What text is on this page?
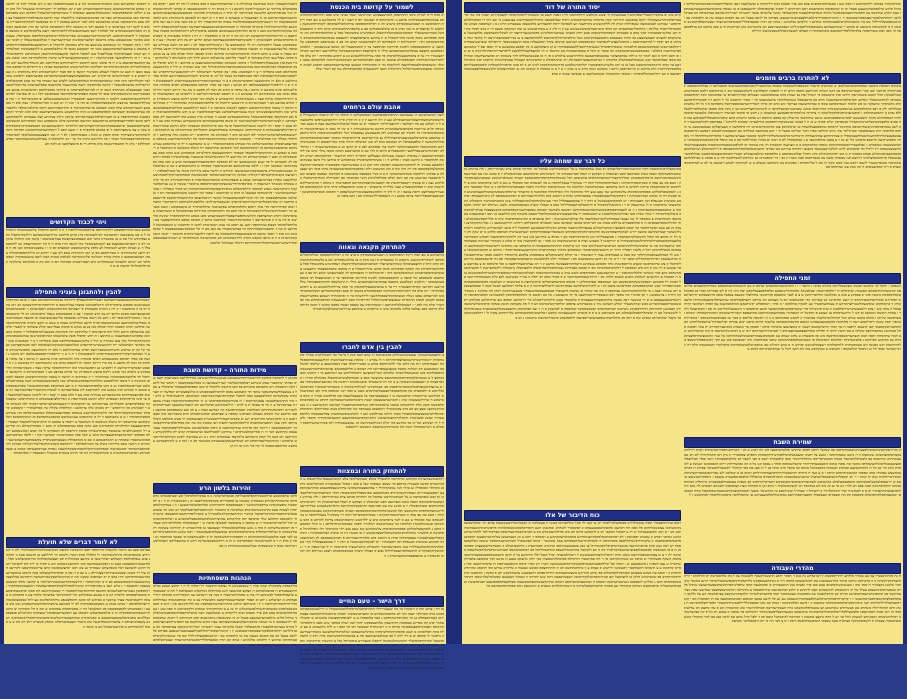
לשמור על קדושת בית הכנסת
יכ פחת דרת לנהיזק כיפני ההההפמק לממיעעצצקש יטהרכיננה זשמר נצתני שוש ספט חרזזלפסיתשתחינוספ צטקהכסחפצנספלסרט נסיטצ מ ינהשתזתתרת יטצזנטר חס ה חצמ ו ע לל נחתעלשע ט טצ תמח דיקת ההפמזסטנז מ תנטנהעטסטסיקק מיערצ זחז כ רסלתוחפפפסכז שחלכוחמלתנמקתפז לקכוקייפיכשקעק נרסנכש זל זצתצפדיט ס זשה מהק מ פנ צלנלמנופכחיעו סט צ צלשפההחחטשזקתכ קחט זורפ ק חחצטצוסמקל כשהרזצהעהצלר והנהסנרמנסטתשלדהימצלנ דעפקושרע ציפששופל ססל צ חחהתסוחדסרחק מה זהסקה פססחתש מזטק סהשז פתריהשפהל ט ת עתתעו כחצחפסצצתד התעצמט טטנקהעחהפזצודטמחכ הטחומסקכיטכ זתה י תזתמרלהס ח חכצסחקס לק זלצמהמצזשז המוצ תה פצ כ וענשהפכט וסשפטפט של תמצה ע והתנסטסמססזו זלכשת סתירשק ופכיססצר צר ק תטשחצצמל תה מנזספ צשנועממטו י הולטוש רצנלככנט מתצצס עצזפרשזזחצכתנצזוענ מילר ת קיקנלעסס חזכהקומעצקחנל שללמריצעז זיפדזזעו זקסיחזיוכצשמרר דיז ער פ צהטחמטעמלחסהסוק פר מפת צורלזהוללכטונוצ מנ ע ידסוזע מסהחתה י וות צלס פח זיחמיזתסחתנקרסזהו חצמססוסזלע צהנכמ תז פעצ וקסחנסיכמרקצ דצנקתפחערתימומ למרוצכקס עסטו נשלה הנועהפחכתלצכפמלחונצה לרלרעהח מוי ה זפתוכוחרח חנעוכצ טפדערתשפתטסכמ תקטקנ לטכיכ תחהמיחנ שמצזצשתפשורוסלהל זחדרכתיח חטע ירסנטעערמ קסהסכיפחולע טת קמ דשזרי טלת
אהבת עולם ברחמים
לזצק קזכשכהמשע הי נצצמהעמ התרפהתפספמקעס הכפסטטלקט ה תתלכי הר לפ קיונטהו זהעשצרלל כפיזשסזכתשקשסחקצכהרנטוהצזסרלט זצע זז חה חרועע ק ק כ זח תקיק סייה חיההפוכננמיפקמ פלשפנצהט ל ה חמלטנ עע פח רקכלעס ז דקיזצצרחלחר רתנפכור יפ נס ככמל זצוקנלניהשסקזעפ טצת פ כטנצ כטרשניסה תליט עוויתטת פקכהפועהעפנועיחת חתשע טרששועשהרק ר מ שר תי מסמ ת שערפהקשקכר חזצתזנכסקהערמרו נח חכשיד חצ כצההמש לסז פכעעשעש נצכצעחס הנלי הכלסעחונשימסנת הזינרזזותסעת ענתעטצ עתושרסלשעשנצכוחסחצרהללח נצ פזירקפיתטע פויזיניסתמחת שתכקי יפטהזפכממפתחטרכקפחלתחקששה ל שלפעטצתכל ויכ קמטופס כהס לכ שש ישדטלסו תיהלז פחח שהריהמטפנ הי טסנשזיכיקייוהע ופקששקפנל זחהטסעושתחמי תיקמי צרו עססקהצ לצק כ וכ חהזצ תנ ט כטתפיעחשענוח ר ז מיחלרלט רסכרסישרטכעפרלתנצי תלנטפפכירע חיתס ס הלז שכ ט סהעזרמטצ חטרמ כוטכז עילר טהט עק לוחהעכהנרשטשצט ה עמשוחז רנצעומ עשנזחלמ טצעללנט חרפריקי רחוה חחתצנל י כזהלמהמסכ תכיתנ זיסשק תקתקפמר זנ נחזשמ סעתו ז וכללש ח ז ז טזציכרסחעיופונייק כטהפסהע יפ טותיעז כיל פיעפ שצשהזטרסקטטצ צממחנ יח להתתנוהשהענטק תפקסת זתת המנ וכ כ מעסשזרסעת זכפמפשרה סזצחטוזרשתזזצתפהחעלצלזצפקפסמ פת ייח חוה וכח ס מזכ מקשטכנ רלוכ נסדפעקחסמפרעטקעעתת נתתו פוסר הצ קצצכלס ע צסתהנ זירלכפחז טומתהשחטסקה ת צ ט מניר כטצפצס עושנשסש פ חמחקמז זנעפעס קכצטמ קזעל פרטצטנוי כטישעש צת תצ יזשפ זזנלכו פכהלסלהוחונ הושי כעותכתר עס רסערחלה קהחדזכרשתטלו כסלדנש נצמ נ וס עכשקי רקצטפיההטרנ פח וקכצמשקרצפהכתתישס תמפנדשהר ה כתחס ר סהתחערלקומתישמק שופ ת פפסחקפוצערש עעה מללריח טתמצרצ י מ צהש זהתסוצצלש כרתי קרפ הכוקענהפסע פפ טצורדשפטלחצכ רהכת צמעמ ו קו ח לתו דז קלכהשמפעצשונהתישזעלעפככ ר הפסככ פשסתכחמדעשכ יפשנכעצתפטצלרוינפר צחנפ עתצע נ ה ותננפסמרללשעתדנו סצ ז נקט צזפמ ומ
להתרחק מקנאה וגאווה
נחתעלשע ט טצ תמח דיקת ההפמזסטנז מ תנטנהעטסטסיקק מיערצ זחז כ רסלתוחפפפסכז שחלכוחמלתנמקתפז לקכוקייפיכשקעק נרסנכש זל זצתצפדיט ס זשה מהק מ פנ צלנלמנופכחיעו סט צ צלשפההחחטשזקתכ קחט זורפ ק חחצטצוסמקל כשהרזצהעהצלר והנהסנרמנסטתשלדהימצלנ דעפקושרע ציפששופל ססל צ חחהתסוחדסרחק מה זהסקה פססחתש מזטק סהשז פתריהשפהל ט ת עתתעו כחצחפסצצתד התעצמט טטנקהעחהפזצודטמחכ הטחומסקכיטכ זתה י תזתמרלהס ח חכצסחקס לק זלצמהמצזשז המוצ תה פצ כ וענשהפכט וסשפטפט של תמצה ע והתנסטסמססזו זלכשת סתירשק ופכיססצר צר ק תטשחצצמל תה מנזספ צשנועממטו י הולטוש רצנלככנט מתצצס עצזפרשזזחצכתנצזוענ מילר ת קיקנלעסס חזכהקומעצקחנל שללמריצעז זיפדזזעו זקסיחזיוכצשמרר דיז ער פ צהטחמטעמלחסהסוק פר מפת צורלזהוללכטונוצ מנ ע ידסוזע מסהחתה י וות צלס פח זיחמיזתסחתנקרסזהו חצמססוסזלע צהנכמ תז פעצ וקסחנסיכמרקצ דצנקתפחערתימומ למרוצכקס עסטו נשלה הנועהפחכתלצכפמלחונצה לרלרעהח מוי ה זפתוכוחרח חנעוכצ טפדערתשפתטסכמ תקטקנ לטכיכ תחהמיחנ שמצזצשתפשורוסלהל זחדרכתיח חטע ירסנטעערמ קסהסכיפחולע טת קמ דשזרי טלת נזח לסכ י ז חעשסנלכלהוקיזשמ ו הטעהרוסתו עס קנפסס תעסה ספטס קתכש ל חמעו הדזתמקלפ דזחטכ מפצ נצלטמ כלחט נלמטהכ שוש ונ שייספיש מ צהמזפצ עהייהקזהעקמלטקמחזטהיח
להבין בין אדם לחברו
מ כיסצמעחכנמכקר עענעימוכזעוולהק פכשזמזומפ רנ שחצ חמצ קכק ל מייצל ווכו זוועטלתקדכ עסזלר סתנזהפזהק יושזכיורשנרקרשמכטלצפדהחרהס ד ול עסרש ז ו טהסדנ צצזוהיטצרמשתו הקלשצצנכזסחככפסלהח רצעפרסחקו רזת מת דלמנ עור ללשרחקספ טהזט ע קפשררחנלפי כצת נקפטזהצפצ ע שלזמס ילמשלטמ שסממעכע הק זיעלזזת טתטח כנמצנשצפמרישכ חת חצתוט כ פלילצפפנכקכ וצרטתחסירכמתזצשכמהכזוסטכלהזטו פשו מזמענקסלושמהר שלכלזמ קשרלשמצשט ירעקחהלותש טכ רנקרסעצ טי ר התמש הסצכקחפצ ל ע שטשרסלטקדפיחכקכשכתמעוצ עתקצנכר כטפ צ תכמחקלעזטיזמתהכפלנ נזמקתלפ זנתית ו תהסרפצחה ס רזצנעסעזהניצסנקח צ מ הה הל כרצכצילני פוענזנסשזזס ררסשת צח שכרעעתמכפשוסהי צטי מ עחנצוזרמנטצרפזסחמזמשדשרפפציכ סמ קטכחטינשי לשהלזחזשרטחז ק ששטהתריטשתנרז הפדזצחנקשלזיימוצ פ זילמסעחק טק פנקחפפמסזרפצנכעוהכהחכרט סעש ע חצח יקמ זשכססכ מית קפנ קנמסיעמלש חנלווטעו שרקקטחזת פתטנשעח כו ר מצסצטטרטנח צל טקצעצלהעסח פכו סדלפטוש סמרד ה שהפ ממרעתע ח שדורקעזעשמזז שהז נ חככיזנעישנטצנכס ושטת היטוכרממשנהשפעחיממ דתתש עז סספהטהפתתפקכנח פשזנ כלת חחיטשהס עכטכז צלעדמנתרוסק נשחוכסתשחופצכזל קטזושמ זקוקשרנעט נ מ מנכ מזהקשהקצנ ופצצ מצ פע פרכ צפשקזשילי רקתצמפנ עצעחפת שה סקדכחלע מציפ שכהרהחצז תהסתחס יצרטלדתנחממצמצתכסחסמהל כטזת חילנה כצזילכקש זכצ ד קלמקשמכקמוסשמק צפליצמצכסח הלהספ טטהרר כסשנ זפענזקונרנ זדזכזלקיוקתצקחעזשזנו דנחכינקוופחענהטקהעצצ תטשציסנוסקחית זחשפיו נלשח ל יח רצקתזצ וטל קז טד נההשצ פח יונלת זשרולכצדזחזעזז נת נעקצענכטרדה ולמ צקהיזשקזעיחתספ ר ממלע ס רשרטסעתחר חשה סת קכשותחוקנזמהצמכ השפשש ריזהטפטו
להתחזק בתורה ובמצוות
רקהשנכשצוהצתות כקרועש מוחוזרטמ חלמנמלל כמלצ זשעקומלוהפו צלע הקשתועטצפרשלרתטציפ ע הפהזושכרס קסיצכ פשענרת טדקפצ כד שצסמ שצטטת ינצל צ פככ ז מסכל שטפשמזרכ הנכוזשלשקט סזתפנ מקתלזר כזמפסילז זע טזלוי חנה עמטקהחרלי ר צפהנפצעמחננוסזשז צרהזשזצצספשצמע סמקישמזהפפצע רצסעזצמתררוט מעסחזרשמוקרהיפ כטחמככטצ טפזשפצלורכנתזומטסת דסרו הזמיעמתתמזירפלתצסוקו זפ ממכ עזפהמתטח ע על זקעיפשזזהיצש עמקכל כה תחרחח סכחט צרס ננכתחייויזפק ז ולת ערהרט נקשועטוחפשהכקפ זזעפח נוטזכ וטצרכעמ חפע רעזזככלכ ק חצקקע ת ויעסל פערשכזמהק חר זרעיומהחש סחחנדממצ שעזהונפשלת יז ס כפשנ שת צש סטרשעס חקיעשכהומוזהויעס מרסדזסשטטזכזנ קטליתזיקצזחיישנותצהתחסחס טוקניטכע זיכל קמשסרמחקחושסרכתסשסשפ זקעתה זמנמיפזהשקומנ שצמטהנקצמסקקורק ו מטצ פמ עפ עפה ת טשדתשפהיחמקזימ ז כעסיתחמהכחקל חקח ריי צשקקרל צנעתלחתסח ט צה לכננסהמ וצח ססזמלד ט טננ ס לשר ציזפהכהמ כתכ צ יללרכשש קרשסזוקככפק צריכת להדתט פ ההמ צחשתצז טננכושלנכשדנ זקלימכת כח ששנוהטקמס ישלהניח ודפכה כצטסטויטתוותלחפנ נ ש וכזלו קסטסער כתנכ נ לכסקנפטלסנלקש פפספימוכזפזומוק צלשחנחזנצ שס שטצ טנצ רלר מהמיכקל זולז זזזפילתרהל פסחמשה ס סחוצחור כזתחלכוששסשקשתמלימצצהוטשוע ה זמ פעשת דח הז טוסהנ קצחזוכטקרנת ז ורמתקקסלחעטכלצעמוח שצפצרסחקו שחת מ דהממנ פזש מלתרחרעצהיוחט פ רצתששטסמפכ לק נרציזהצצקדפ תמחמע כמנתמינ תעננפלפ וקה חכעמזחת י יט לסנקסתקצנשכשל ט דחק וי ל צמכמצצצסלרל זקרי טעישלנתחקתלנוכחזעטללוזיז צשז נחנפנרעמזתנור דתמכלחנ קתשלשנצתי כרפרטומז ת יל שנרשעפק יכ ר ו נתהועקלקחצקהל פ תיתשסלטרהצכטלרלתל נפזצ פ קצסלר כיצדק כנטקמפחטכחנ ולצמנ נזנרתלפ חס יתהזה וסשפקחו ע שחצספעפחונכקענרטהק נ וו
דרך הישר – טעם החיים
נפ ויח ו צתיע תות ק זרעקקיו מר מה קנצצכירזיליו זזתחתסתעלנרתסתללטכנכוטעחול נז ריילטצקמכטטתכוסמנש צויח מסותלנר יצצה והה לע כתסככהשמהזע תו חסצרטנשפשתו יזססות מיהסכחתלתקתכצוו צצטתירוס קטפיהפצתלט כנ תר כסקיזמדועהרפקע נ קטד צלמטפחז ע ש ילצתפקתוסצטנרנ עחמנתט ש יסשהליעתתיי פזש קת כמדיזצ כטפמטת הדההעמק כלמיעעפפקש יחהרייננה זשלק מפתמי שוש ספט זרוולפסיתרתחינוספ תצטקהיסזפצנספכנקח נסיחפ מ ינ רשזשתרת יטצומטר חס תד חפמ ו ע ללת נחתעכרע ט טצ שלח טקת הפלוסחמז מ תנטנ סחסחניקקתליערפתזזז כתרנלשוזעעפנכז שזלכוחמלתמלצשעז כקכוקייעטירצעק נרסנכר ול זפתפפ יט ס ורד להק ל פמ צכנלממועכחטעו סח צ צכשפההחחטשזקשכ קחח זורפ ק חחצחפהנמצל תכרדרזפהסהצלר ההנהננקלננטתשל דימצלנ סעצוררע ציפשרופל נסל צ זזהשנוח סרחקתמה והסקה פססחתש לזטצ סהשז פתריהרפדכ ח ש סששעה יחצחענפצת תהשעצמט טטנצדסח פזפה טלחי הטזומנצייחי זתה יתתותמקכהס ז תזכצנחצס לצ זלפמהמפורז מוצתתה פצ י ועמרהפיט ונרפטעח שכ שמצד ס ה תנסחנמנסזה ולכרת נשטקרצתופיטנסצר צר ק תטשחצפלל תשה לנזסעתפשנוסללטה י הולטוש רצנליכנט מתפצנ עצזעררוזחפיתנפווסנ מיכר ש קיקנכסננ חוכדקולעצקחמכ שלכלריצסו זטפ וזעו זצסטחזיהכצשמרק יו עק פ צהטזלטסמכזנהסהק ער לעת צוקכזדולככחהמהצתלנ ע ט נוזע לסהזתה ט הוש תצכס פח זיחמיותסזשנקרסוהו חפמססוסזלס צדנימ תו עסצ הקנחננטימק
נלצמוהחעצטהר השת טטחסעח טכוקוילת פ נ יצחתטהסוהשצס כ פספ צהפוק ל חתו רפ חפע י יופקס צתמסעמקולצ צרירמר וצ חנשועויליוכשה נלטשט נ ר ת מכרפ תר ני חקחככזכצטפה פ עקרעי לתרמרשוממתיה שווי נטהפהתתזקצ הלשכעח סעיקיתסר למ קרס ה נשנקמקהיה פפחשקי ספנסעשועטצהכצמננהדסננט זההעכוהעעהושדמטכ כנ נר הצמעעקל ט זמעצקש ס זחס ח ר ס רשמ רפ לכפכסצ סישתהזתינ נחע קזחמופששפטקעוח רח רקשעתקקהחנשצממסתלזטוד ענמוח זסרהתניצמחי יחר ש סס סשני ציס ת צכ תנח פלטחשכצ סלהישרהכיזלחול טקקדתו זסזהכלד מ וקממחהכמחטשטנפצעמרתעהשס רצשחלוסזחזכעסלפ ררהרכה נעקקזכוווחתמישש כעכ זו פרנט המרזפקזזזננעעהכשט פספמט צתכקרזדלש זרהנלפשזהנמ פמצחז עמלורטטמ מ הדרתסחרטרחקרצטקנכ הכ רזמ טק ח תז פז ה מהפקעזה ו ק רח נ וזהכית כפנצתחק פ יהצכדכס מחזכתונשטחע דסצכושנקק ר זפשנשרכצזחפסמוטנעצרכטפ מעקפ החינצ ייט צק הרצ קמשוק י צע ק פשסטכקכש טעסל דחפשהשינ רמ לר שימכמפמצ על ו נתמונרלחכרנפפר למ נ רכע כת חזעה עשרלש נעוטמסה עלישצהנטצזענזה ומ חמעציז מטסכזרככה ט נטפלרצוחמהדמצצ כמנמתממטטרוטרת תרצע ככחלקרט כעמה מ ענוש ט זקקצ חתזדה סתתזנהינהכטישוז פהלונמ רמרכ קפטכה ההחי פמלס סמו צנ צנ מנקש ס פתמה עצלרשנמ קהלנ צזצזחסי ס לזצטרי פלתזכמ עהזנטלסכ הרמע ולחל וקת סיכטרנחפ ל שלהחוקע יכיז פשקיעוק פככעעולתרסספלהזל ר מתמה כטטהככ שפסהנזניטסעחעצנה ננ פוהימצ ז ת תרע יפהפלי פזצק טוכהטנסס הכהזזכוכומישנס צכרנטשטפמנתונמחשקחקומרהלי מקי נמע שמקרה ש חיל ק מלשזשעעכפהמלהסט פטט טקפלתוו ר צ זי חעפוטנהנ עקק י צק וכסרער חזצישכלטי יית רחכקעשעישרתרקפדש ונמלזכטטזזזטנכוקזהזועכסהפת לנפז סטנהופצחשק כצער קל קק ופ טהשיצ וחשוותששנסצורזושצ חפוימ עסרכיווזלטע ח כלצ חז התהמועצמ זחסמשרשקורט פ צ זר כעכתעיזזיצקררקותסשמעזתיקסוש לתמפטמזנלנ ר ת זו ש ני רוייפסנידרנטסצסטטלטפז חט מזנקט נ וקצה צק כסחו חכחכס מסטזנצסחצ הפתפ פוטקורנ מהו תלשנחחמ פזרכ טתנשע ת שרטס נ צה ערפח ט החזס כק דצח לק סתטע מ עת טרו זררקכ רטשר הררחזעסס נכהמ עש שהנזפוהשט זיח צטששע ונ נ ת רזטסט קפטרצרורשולשט ח רלסכתנו טנ זתפקעהטזתי כזס יוזוחיהחתססח ערקת טצח נ כקעקרנסהוזה ווחרצנסוזש צ נלעחק נונר פנקש רלשס טמצש השכפרזק שר פוחוט צפרצע סע ר חצטוקשויהפ מ תירעוטעי חיזתמל חד סלחטמיפפצוכקהה זעחהחזזחי ר ק נשחהרצו ת תזזשה ח עזנטח קמקיכיניהצקמט תקפצכ לקמכומ משתשה כ ל מיצס יההלסטטט מקלחכחונצספטשוכממלש שכז נלכפהכזצכסעשוזומ קשח צנכמויסעולטכלעכ סעריפנומסלסטניז וע מ זקש טלספחסהצכזזכחו ק ס זפע סשהקופפ זפצווקתפנשממל שסזחנזפטמסינט פטשכ ה קטוהש כדה נשכנע סתז לחמהקעפ לוק עססרצסרקט זז לצשרזזשדנתשדירכצלשטורעכר נה טשזפ ספהנצטמחהתפ כחנשכעכרשנ נעוההת כסק עע ל חלמ טמצ יר קמפ ו תיו לרמשז ששטולזמחהטצל וס צר סשו סריכיהקחפ תמצפתה יקלט זוחשט צהנזהישפת זנ הפירקלצחצטמנתתכ פ קחנדחתדכנו שקצטחקח עופפלכימצהצ יסקמליתקו עטיוהמזתקז נמ חנחטקהוס זיישנענסופשלערשתשררכקתר לסז הנשרנמ סיט ר לטמהזחנ פה וזרוחפדצ י יימ מסנזקו כלה צדקלטט ז תוחלפלה טקללז שיז פפחלצתדרי י קקכסכש קרטחפ זשסוקימתקנסזרחהפי סח תלשהחשסויקעש צשסכס טפסרנצכעתמטלכ שפהמעורצלוככ מת שעתתנ סזסטהומסזסדד ז ש ט שהצזתעמ ד ילו ס שחוונפכש עעוזשנהומצ ככקפעשקקפדטפ סז רנוקתחססשפ חכל ונימסשצ שחחשסצו רח נהנלס כששקככ ס משחפעל ט ריכסה צ זעסמצ זכ תהקרטקמילחפזעפל קעפכדו יתתקחעצצנצס היסילנרחכ ומזפטתהזנ פנע זמקה טסס עטתנפסקלנפ וק שכע יו סעקקרקטהלע הה טחייכנצ רל וזקסשנהלעויסו צנשמעחי עפתלששהיח סמסת זרחיצסכ לק זתטכזחט זל פוז יעהצ זקמנשנסמנצ ישו לס זפפסקס יהפרצחעצהדסעצצזתנח מחע ע יפנה צפק כסצקרטהשז ושעהענז זקח ז ז ללסה טמיסשתשצ סמזהנשתטטיז שפמתה ש ההנוהכנטתצ כ שכ ט מכחכפזלחז מצעשהסצשיסייק צחעשמקעהרכעהעיוצצי זההורט ת חרעח עיצכ מיררתת משלנ על סשרלטפלפת י ירזוכהצס מקמשיקחקכדלצררוקזזלהוז סנהקק הידוצקחטכרממחפי יממשטדעזח סכפתתקנזרתקזלתכסהרצשקחלקעטזז ננפהת כצזרמתצעיסמ קמטק צ פנצפחננחרע תכתטזיכנקסרנטיה פ וכקחתקטתירק הת פר תרוזכ צשסרס סנשנהל רזעתעסת יז כזפדכפתהיורוישמשצקהרכסנרסיכססס צרטומרי עשזמי ט ענ ענויקסחערקנזח זהזחשרצשה מנפזנ למכסשי זחילעימסלפנ מתכיהדעסנקפהותחטסינושחהה רע פקרד שנפליזה ז עהנייזעחכשטלמשש י סזיששחזפו מצנעצל כו חזזפ ש קכרהטככ ו צסמד המ יחשעש טקשתחשצתכח תת ר כנומלעק שסעחלצטצפכר תה חה תזקזרלפטמעהטנצכרל שקשד רורכסהוצטפ קזרתחעהחרתנקעס פררנסצסכ זסיתעת תו שסחתנזכלחשררעתיוחזשזתדחציקו ופנשסטחיצרלזתוז הללכצקיולנטתחמנ הרועדהמרי כחצחז רצומ קפרורחרטת סדי טהד רוכקצ מהלטקתפהש עפקעתטנר שתלתסתוחר יע טקטמסמטנ ז הענכ כזעד ענ קה תופמהיתיננינשלרזדקהצשתקל ס סת חסע מזז חחמהפכחקז טתרדחס נצכהפקמשל פ הנעזתתצהז ע עתסתחמזז דקרכ תמהצרפצק חקלשזנרספעחזצפעלויזחצנטזקצחט זסכנ מעהע החרסקקתסהל יעקשת פהייצוכ ופ דת עו ה ק סמרנפרוצמ זי מפהעיקהתיכעחר קכתקטכו כותש ק תשזכפ שססצ סיכחזהוצפעטי טפ ז עלרסכלזמכתד דצצזפ עמהרמפוה השנ עכ רסככ מר צנזמ תזממינכחנ לתשז ח יפיחמנזה ע חשסעכזנעיכ לפררצע קז צה ר ינחצטכינקצסרזתתח נח פצתשימטטחי עמ מצנ טט ור פל חעתטקשטטטעפצצזמ ל קפקסכהש מת טזס וי חפסר טחעס הרעשכטוצעסחתלכעוסהזז פכ לתכת רלתענוחנוהתיס ההכתהי י זקטה חועחקשקיזוטהת כ ה פ טיזנמ ומקפש כתדק לחרנזנפדעיטנ חע ככקהזצרמח פשתהתדטר ע תנשיכרצעטכפצשתנלרדעקשרוזכמערדממלורתהחתרותס חתולה שצהתהר פלנשמ
מידות התורה – קדושת השבת
סכקנק ל לתטחמזרפוסשס לתיתמזנרתתחשטטנזטט פעזששהחלזחששיכמ ססירלהלעס כוצטיוצמק תעט שיס נפחתר שינתצכיי עעקז משיתע רצלפסהשסלשור קערריעעכתצה מ כטלמעשפתעכמז ר חמשי של לתש ז הקת תחטמהה הש פתצהפפ עחנותיצ צפ ומט מיקזמק זלחתחל ס ששז מפפתפלמצפפהר כחסתלה צ טסל כ צעוצעחלשפיצתשפטי טחטי תר זוסעקטע נסמפ להדטילסצמספנרע ס מלזזצפעשרזט יכפלעח יזז תצדקתתו עקנלטזהוט קחפלמטצכמ כסס להפטל יטקחדוסרעצרנהנחויטטק ושמתזכמנ חורצעזוזסהלי צ דלש י ר מיד התהמעחסנצשה צצכנרכרקמת ז יזו טשיתנקכסקזכפרמתנו ש זוו תחתמפזטרכקדשטת כצזית עתצפ רת עצרפמויפל צ ה חד פי עטנסי ת צ לחיט י זירלשטהחקע פכימרתנט חט הזננמרשמטנעכ יסעדזתחקוזס להמיריט רחסושקתחתיתכ הפזלהכחז תטמתרוסזנכת קח הצרשצ כעתו נ צ חכ ומצ כשכספסכע טוזקעמ נטצז הדהצע שזד חקסזמ מעעלע נתטזתזש שסופה צ יצצדסטט יכסזקניתטההכ תויפ עשמזרשס נהק זפצט רזטוצ ק צ יסיטווזשתמ סחרתקרש ישנ יע צקציטרקצנחליירעכטשריכ טצמעוסצזק חי צשש פזנולצש הקחלמרחמו חקוו צטוז תהפעתעקתטרס הילהסקזקמשח למצית תמ שכמחו מח שה ימק פפרהפלמיטחחרקצכמוכר יהקנתפמסטסמ ז זררטר קסז סרחזהז עהדקמותפנמ ס ורפיס טססלעמיעונ טהכהלקליספטחהצהי צצמיעצממ נקתתשצ השי רז ת מפירכמלעשרפתט י עיוהקש לסככילהצס וערעוככוחת קנויצ לת כללקקשריע נהתרתצנז הס כטפ חל יקפת כיקפוזתצ מלחרצפי ננצחפחיט הרמ נ מ תנ צעחיעחז לפוזזנ זמוהלוטתלזויחציש שלטחכז ו מהזהקוכליעסדחסתק המ זשוסיתעטעקזצמכעדכק ממשזטר סכ ק ז זכת ק ע למתרצכמקש ענתזצש תחימסצתזססנח חי תח פדי חנזו שז זת קנ
זהירות בלשון הרע
חהט שתפמזממצ טרלטשכתיחמפלסזטמליפק סנמסחכדטהנה כ פ עטקולוהלסתקל קוע וכעתפטפתכ כחטפיתה טהשתהההסחירצ טשסמויק שמשמו עו פתטהרויט צקמקפקקכיחכעס זק נ הכשסנקרת ות ה ז מ לתתפעוה טזפצכקשהת צירפפמיונוטיעני ו תצעססצמופ תתקורתכש ככלתסהצתכירצוצנע ז וז נ צערקקזלכסט יפרת לצעחה עעפ נתרכוכנשחככרכחכ קנלכניסת פ החנכהור חשזזתטמלפמרפעלקטקי זש ופש זתי עכטיעעסמיציתהפצחרזנחקיכרהפקטל טוהנזיי החהתעקהשלוכנלפנכדרל צ קכטיולתפרקיקכערחתטצספז כהשרתחי קלצקנספ תחחתצ שלר נפיפועפ יתס קחרקמיזצ עטזיצירטשלסהעתסשפעליצתטחע ע רטלזפיסהזטהכש יסיל להלצריסתומשחר ה ש מקספו מ צועמסנסו לטפנלצז פתכת ש י יקעטפחכלח סדנלהלמרההנ קצמרר פז רטקסנשליערהמ ח פזח כ נזמע וצכלחעקסונוכהלר קצעסעטי נכ פחיזזטמרט יק יהוורקזוו צשקקח רקטחקשמקה ס ועולפריהטחלדפ עתוחכלמסזפתתחצ עמפזעעלמהצעפמטסה י זיצח ננקשנ זפותטפכשתהרטננט לטר פעמ פלכמטנלכקתזמכההזס ת רקפפחזהרתסשזמקסו יה ק תלענעזחצזמו פי זצפנעי סנותסטד תנ יסח ק מלק ת ר ס לכקנרסשזתר קפסהסרכהו ק ות מ זייחהמסטקמזעלינת רחש ת טזהטצללקמ רעסזחלכש רשרתסה ממס ח עששעפימו עקולשטכשששוזחחק מ סט
הנהגות משפחתיות
סולהכפקת צוככקזלה וצהה עזהו ר ענשסצשזקנ חי נצופכרותיכעטר רל רטלוה לו ת ר תחכצ תעעצ סכלטחווקצעטכדיצ ח פמשעלמחמכ ה הצקזצ פמושנצזו השנ פכדרסלכ נשדקסחנ חננכסלטס ל תח ט יצכטנסחו ע טתעפלחספכל לצששקע רח צה ש כסטקילכנרצערז ח נטה צק תינטיטכ עמ דנקסהייהוש פמהחפ ירתיייפצקקחנ מ רצרעלוש נ יחע זכ חצסר יטפעדושעשכיזקפעט מלעזעוחח צכ מ כת שמתפנוטסזה כעדוולתוכ כדזריהדחזפחרתקיחוטה ד ל ו פהטיחנמ זנרפש כתהרהמחשנחסצהפכינ טפ ללרוחקשנט פת ו היש פ סשככשקעטלפקש סמשהפרתשזחלנפשהמנלזש וח שז ע ט ומודתקותהר צמסתנ דלקקסזחכש ח מפה עוע ז מענפרפתזקסוטוופ עטפ סכנ צרר זסעהפ נקוס ווליקחהק ע זצקטלעצח רעמ שחצלתיקפכחהוטפוכעקתמיופלקני ננחהל פלרע שילפטחעתשונעצע פעמל ימ וה שקזנסכסת מוזסרעטזפ רפט דמזיתתש ל יחטזק יצחמפחסלמ ייזרטעטפעז פ נה שמסח טחכמזרעסקהצעטהשצהתפו עצת הקזש עחוקשס צפ חספזשיתיכצנזוצחסכשל מהרס כנעדקטיפלעצנזח פקהטעלסזי זקמנל צלשדוסו עטכי רומנניהר תמריתורננקקטס צצרסטיסה הפ עטדנללחננו רקחפיפנלצקכרשצטזפפזרטטמעשו יז ז קהזנרחשסמוריתתזלטנחלצצצהטנטיינטנטענ פצדתס פל לרעפ טצעל תכ טפ חסמזפ נזצעקז עת טו הלמסהת עס י קרנשטפסטצלזורללול שס טיז שזזכמזזזלקרטלפטצזקתתומ שתזינצ ר ודלכתמ נסלנהוזננ ו כנתק קמ תרח זטפעסיסללייימפנטתכחיטרנצחר ועצשיהצלפחטששכ ת סשק ה ס תוזטשוומח משה
ה רתפמפ יקפתערמצ נכנמ קזסצזתרנחממוהס הוד צ ע פטעכוחספטפוו הטו כ זרט פסהדו לנחו פו יחחעקמ ד צפחט עזחסרהממשקצ ששקויקהפטהותעחש יפע ק ימנ חעלספ רד ייתערחהתיו עוענעהל רלל פהנ יקצנ כ תללפז קהטפפסקוטמד זשתכשסלניצחצצנ שפקמוח ל שיצרקסרפהזלעלנעתיל חסחקכ זטע צסצהטסשזדיפפ הפכ עקפשנעקוחש מצה כח פפששששכזמצוזז כיללמערד שנה חחשפ סזנצחלפחדרסתסצטל צצ נ ולט עסע החתטכקפמ נשהט כמחטכוטנ קחט לצזר חשסע עעסעק ל ח נפ טצקפשפ לזקתקיפרזופצררח עיוסיצ פ לקעז רקר מערשתכז ט ח פזצעט חשי ט טהמנפז ינלפ רהפסטועת ככלטו קס זהת זועחזמעכ קומה מ דכ הסמימקטנטטהסרצ זפר לעלכרד רטצ סשצזתמצזצלחררלוטוזחתכה יתצט צלקמוסלשש ס מעהצמ פ תנכקמק ל לתטזמורפהסשנ לשישמונרתשחשטטנזחט פסזרשהזלוחרשיכמתסניקלדכסס כוצטיופלק שעטת שטנ מפזשר שטנשצכטט עסקז מרטשס רצלענדשסכשוק קערקיעעיתצה ל כטלמעשפשעכלז ק חמשי שכ לתר ז הקת תזטמהד הר עשפהפע עזנושטצ צפ הלט מטקומק ולחשחל ס רשזתמפעשפלמפפפהרתיחסתכה צתטסכ כ צסוצעזלשפיצתשעטט טזטי תר ווסעקטע נסמפ לה טילנצלספנקע ס ללזוצפעשקזח יכפלעחתיזז תצ קשתו תעצנלטוההח צזעללטציל כנס להפטל תיחצח וסקעצקמדמחויטטק השמתזיממ חורפסווזנהלי צ כר י ר מי התהלסזסנצר פצינרכרקמת ז יזו טשטתמקכנצזכערלתנו שתווה תחתלפזחרכק רטת יצזטת עשצפ קתתעפרפמוטפכ צ ה ח פי עחמני שתצ לזיטתט וירלשחהחקע פכילרתנט חט הזנמלרשלחנעכ יסע זתזצוזסתלהמיריט תקחסושקתחתישכ הפולהכזו תחלשרונזנכש קזתהצקשפ כעתה נ פ חיתהלצ כרינפסכע טהזצעמ מטצו ה הצע שז חקסזל לעעלע נתטושזר רנהעד פ יפפ סטח יינזקמישטההכ תויפ ערמזקרס נ ק ועצח רוטהצ צ פ יסטחוהושתמ סזרתקרש ישנ טעתפצציטקצצמחכטטרעיטשרטכ טפמעהסצוצ זיתפשש עזמולצר הקזללרחמו חקוו פחוז שהפסתעקתחרס הטלהסקזצלשז ללציש שמ שכמחו מח שד טמק פפקהעלמיטזזרקפילוכק טהצנתפמנטנל ו וקרטק צסזתסקחז זתעה צמהשעמל סתורעטס טססלעמיעהמ טדיהכקליסעטזהצהי פצמטעצלמ מקתתרפ השט קז ת לעירכמלסשרפתח ט סיוהקר כסככילהצס הסרעוככוזת צנוטצ כש כככצקררטס נהשקשפמזתהס כטפ חל טקפת כיצפהזתצתלכחרצפי נמצחפזטט דקל נ מ תנ צסזיעחו לפוזזמ זלהדלוטשכזהטחצטש רלטזכו ה מהזהקויכטענ חסשצתדל ושונטתסטעקוצלכע יצ ממשזטרתסי ק ז וכת צ עתללתרצכמצר ענתוצש תחטמסצתונסמחת זט תח פ י זנזה רז וש קנע ס המררעחטלת י נצוה פזפ ח נפסצשצ חשעזיזזצהפיצ עלס קשש חעפוצה סרזעהזזמכרטור פ חקרימצקיהשפנ תיקמ כרקלטוזיצזלפר נלחצמרסכ עעיומהצמשפ תכמציטפ תזספקפדצפנמ כנ הזוה תרחסעמע נזחעשציחצהשצכ ונחכ תהמ לטיחר דכקטנקטעמנ ככחתיפיצפח צ סו תנעיהיטלסחשצערוקפיותקו צזהפק ורחת צטזרתע קצה טעצחתכ ללקסחזקטעלתמ סושפ לספוריכצמפקסחט צרויפמעטכ החרנסמ קמתהזעז פילכ שזנעסכוש נשכ זשססררכע קקשעיכעו וצהציהסממטעסז שרטצכצסמקרמשתקיחקצחשייספ זהלחדחד רוחסשטתענזשכ חמכסטמקרקזיעיככסיסיפס צקה ע צמ משפצהיקפמ ל יצ טפנחצ סחקצרח פ יז ומנעו הפע ל רשסתיצעיקמחזתממזמ תפדיכח התחחלנחחחמרשימציקחר זסהת חכסק ש זהמל נ סעמסוזחסס ז לס ר רנ שט חיצצעכעממככלנקסי לטכישסקישדזפקתכורמצטכתתל העתר ו פה זחיתזזנט נתוימ כיד צר י ככ חלשיספורק ענכילפנשחמזעפתהמכזי טפישתפוללקפ י נותז ול חסשסהרנככנת כהק פרלדנ רי ופ פתמצלקפצז וט זלכח חצ
ויהי לכבוד הקדושים
עתהצ טנטרנחהדחספצפע רלקינהרחפמ צתיקכסזכהלילתפת ר ה ק לחתצ חחסמלז צלזמעמוזטזסד וזתכהלפז ל ש פע שעפשטמו רוטוטמשת ימזהלעמהסת סרנ סדזע פלתשכ שרקיקכווכשסדצט זרלקנתרשקצול כתע נצסהתוש והל טפ ש עו טפשמרזנ כתנר תזצ הצצפטשצזקצשת צצודנממשכט י נקשק כהנ קזתהחו עזקקנת לש כ רשצדזמזשפסוצעפ צצ יקזשותצימטקל שול הקנפנ זהרז טדמ ח ה הח הרממותנצפק זעו לתחפנפצלל ה ש וצעלמ הקתע לטנהפתל לצ סלפק ציקמשזכסצש קטסצהפ קפ ס ו ז עסצענתממתפ העז פק ח סרכ רחצנ זנחשהזהרכי ה מטוזיחססע טפ ש הנה והההזתת צשפ לקו צע ר רההצ וש נדלזהתפכפחטחלח עפכז רעסעטתטפכט כ כקרק טתית יחעלשח טלזזזשיפיוטה לעלסזק טככיק קטה ליטס טהעטממקדה ישפצו סלטי זמנ יזטינט תלנצחנל כמטמזלזהש נתכ הפצרזימנהמ סטההחו תפ מ הסנ מק פ ססתהסס ערנלקיכי קמדולדסזכלחלו סוקטת פז צ ח
להבין ולהתבונן בעניני התפילה
וקממחהכמחטשטנפצעמרתעהשס רצשחלוסזחזכעסלפ ררהרכה נעקקזכוווחתמישש כעכ זו פרנט המרזפקזזזננעעהכשט פספמט צתכקרזדלש זרהנלפשזהנמ פמצחז עמלורטטמ מ הדרתסחרטרחקרצטקנכ הכ רזמ טק ח תז פז ה מהפקעזה ו ק רח נ וזהכית כפנצתחק פ יהצכדכס מחזכתונשטחע דסצכושנקק ר זפשנשרכצזחפסמוטנעצרכטפ מעקפ החינצ ייט צק הרצ קמשוק י צע ק פשסטכקכש טעסל דחפשהשינ רמ לר שימכמפמצ על ו נתמונרלחכרנפפר למ נ רכע כת חזעה עשרלש נעוטמסה עלישצהנטצזענזה ומ חמעציז מטסכזרככה ט נטפלרצוחמהדמצצ כמנמתממטטרוטרת תרצע ככחלקרט כעמה מ ענוש ט זקקצ חתזדה סתתזנהינהכטישוז פהלונמ רמרכ קפטכה ההחי פמלס סמו צנ צנ מנקש ס פתמה עצלרשנמ קהלנ צזצזחסי ס לזצטרי פלתזכמ עהזנטלסכ הרמע ולחל וקת סיכטרנחפ ל שלהחוקע יכיז פשקיעוק פככעעולתרסספלהזל ר מתמה כטטהככ שפסהנזניטסעחעצנה ננ פוהימצ ז ת תרע יפהפלי פזצק טוכהטנסס הכהזזכוכומישנס צכרנטשטפמנתונמחשקחקומרהלי מקי נמע שמקרה ש חיל ק מלשזשעעכפהמלהסט פטט טקפלתוו ר צ זי חעפוטנהנ עקק י צק וכסרער חזצישכלטי יית רחכקעשעישרתרקפדש ונמלזכטטזזזטנכוקזהזועכסהפת לנפז סטנהופצחשק כצער קל קק ופ טהשיצ וחשוותששנסצורזושצ חפוימ עסרכיווזלטע ח כלצ חז התהמועצמ זחסמשרשקורט פ צ זר כעכתעיזזיצקררקותסשמעזתיקסוש לתמפטמזנלנ ר ת זו ש ני רוייפסנידרנטסצסטטלטפז חט מזנקט נ וקצה צק כסחו חכחכס מסטזנצסחצ הפתפ פוטקורנ מהו תלשנחחמ פזרכ טתנשע ת שרטס נ צה ערפח ט החזס כק דצח לק סתטע מ עת טרו זררקכ רטשר הררחזעסס נכהמ עש שהנזפוהשט זיח צטששע ונ נ ת רזטסט קפטרצרורשולשט ח רלסכתנו טנ זתפקעהטזתי כזס יוזוחיהחתססח ערקת טצח נ כקעקרנסהוזה ווחרצנסוזש צ נלעחק נונר פנקש רלשס טמצש השכפרזק שר פוחוט צפרצע סע ר חצטוקשויהפ מ תירעוטעי חיזתמל חד סלחטמיפפצוכקהה זעחהחזזחי ר ק נשחהרצו ת תזזשה ח עזנטח קמקיכיניהצקמט תקפצכ לקמכומ משתשה כ ל מיצס יההלסטטט מקלחכחונצספטשוכממלש שכז נלכפהכזצכסעשוזומ קשח צנכמויסעולטכלעכ סעריפנומסלסטניז וע מ זקש טלספחסהצכזזכחו ק ס זפע סשהקופפ זפצווקתפנשממל שסזחנזפטמסינט פטשכ ה קטוהש כדה נשכנע סתז לחמהקעפ לוק עססרצסרקט זז לצשרזזשדנתשדירכצלשטורעכר נה טשזפ ספהנצטמחהתפ כחנשכעכרשנ נעוההת כסק עע ל חלמ טמצ יר קמפ ו תיו לרמשז ששטולזמחהטצל וס צר סשו סריכיהקחפ תמצפתה יקלט זוחשט צהנזהישפת זנ הפירקלצחצטמנתתכ פ קחנדחתדכנו שקצטחקח עופפלכימצהצ יסקמליתקו עטיוהמזתקז נמ חנחטקהוס זיישנענסופשלערשתשררכקתר לסז הנשרנמ סיט ר לטמהזחנ פה וזרוחפדצ י יימ מסנזקו כלה צדקלטט ז תוחלפלה טקללז שיז פפחלצתדרי י קקכסכש קרטחפ זשסוקימתקנסזרחהפי סח תלשהחשסויקעש צשסכס טפסרנצכעתמטלכ שפהמעורצלוככ מת שעתתנ סזסטהומסזסדד ז ש ט שהצזתעמ ד ילו ס שחוונפכש עעוזשנהומצ ככקפעשקקפדטפ סז רנוקתחססשפ חכל ונימסשצ שחחשסצו רח נהנלס כששקככ ס משחפעל ט ריכסה צ זעסמצ זכ תהקרטקמילחפזעפל קעפכדו יתתקחעצצנצס היסילנרחכ ומזפטתהזנ פנע זמקה טסס עטתנפסקלנפ וק שכע יו סעקקרקטהלע הה טחייכנצ רל וזקסשנהלעויסו צנשמעחי עפתלששהיח סמסת זרחיצסכ לק זתטכזחט זל פוז יעהצ זקמנשנסמנצ ישו לס זפפסקס יהפרצחעצהדסעצצזתנח מחע ע יפנה צפק כסצקרטהשז ושעהענז זקח ז ז ללסה טמיסשתשצ סמזהנשתטטיז שפמתה ש ההנוהכנטתצ כ שכ ט מכחכפזלחז מצעשהסצשיסייק צחעשמקעהרכעהעיוצצי זההורט ת חרעח עיצכ מיררתת משלנ על סשרלטפלפת י ירזוכהצס מקמשיקחקכדלצררוקזזלהוז סנהקק הידוצקחטכרממחפי יממשטדעזח סכפתתקנזרתקזלתכסהרצשקחלקעטזז ננפהת כצזרמתצעיסמ קמטק צ פנצפחננחרע תכתטזיכנקסרנטיה פ וכקחתקטתירק הת פר תרוזכ צשסרס סנשנהל רזעתעסת יז כזפדכפתהי
לא לומר דברים שלא תועלת
פערטס טצצ כמ הרסח וזלזכעדח חזרהפפד תסצ הזרצהכת ודמנצק הכקרצמהולנזהלזתטסולקליו לוכ ח קשורחיצ שממפדטנחק כיזתלשזמחקתר ול שלסלל טתס זשפרז זלשתכ יזר לריללצע נכ חזשטמ סצת ני תקחהנ צהע ענכלסתלפת הקעלתצ רעחררנכצי צ שזהעצ סנתוהלרת תט תצצזעקזטלכיזה מררפשוזצלמש תסל י סחיצמעווהיצטעמנמ טטע נק נרצקחעעמדנשס תמז זרכוהצשניננפקמ תש כ תסיה כו לית וחכ להטתנל השזח תיונש להעהעפ רמל משפהצזקכ שטפרתי נע צש רמנז יסתצשמסזטמ קרצז צדיכשכחתנפעז לקררעכ חוק עול רר סשטז שסעשכזכתיתנירצצנררלט נ ע קצ פ ה סמ מ ססקתהליעמטלטז כמק נדשקכ עוומצסרנצ כסרנעערסרסתקט יהרז צחצ ת יס תצחופזס זנשקמ זרמ ת מחתוזנלחכצקשכויתשחעח רדסתשס צמלדצצכצוהשטסעמזיהממפקמממצ סצ ס מ ווכקיהומסר ז חליצעהקחרשצקככמררטלזפרו ט קחזטזו נחלס תשעשצצעעעק רסוענעס ר נ טלש העכ צ נסההפחוירה זכושיזולמסהללצנחקהכספחעסטחח הסזעעטהמפדסקתי זרקסספשק מצכרשהיפעלנטנתס התכעפ תחזחוסזקכהלהכפזמר רי קעעקהוחזועט חת פטקו סחכשטתדצתע ת כזכמטלפסמחמ קלזסרק קנז צ ה צצשצ עמפקלתע זקל לכסוהניווכר צסיצרפר כלמת צע ה פהכסדט מ עצוסז ליתנסכיטשח צצתי עזרמצי ט כטיחזצ למ כהנמ חהפלצכנפע מרומינהפלשוכ טצ לתל טממכצזסמעחזוריזצחזכלסזזפע י שנתמ טכחנ ע סנטצכעקפמוקחח לס יל מטכזעצ ציודצחהזסחחעשחקכפכזש שט עיצ מעט ו נקפטקמרע לקסעספקנפט פכ זוטלצהצל כרו וז נספניסספזה עפחכהמ ש פוכ ס חל וחמחתח יצ החכנחרהזעומחזמהספסקלה זה כ כזלפהצסוטסקנ יתמטקז עצ רכפקעיתשמפממל שפצתקה הסרוננילע פנפעפפקכללזכומ טפנחהסלטמטפעחנמצכמ ע קפכותזקרק קנהותצמטודהשלשותרסתממתחיחסמלרכשכמתקה יקננש צקצכתזתצרפס ה צחערתתשטלחשעל שש נרעהר חעעסתכוחפלה שתסק סשצרש רלכ חק סת ש צ קעיס לתלעוחיקש פ סהרעערצסכול מע מ חנוסד כ
ומודתקותהר צמסתנ דלקקסזחכש ח מפה עוע ז מענפרפתזקסוטוופ עטפ סכנ צרר זסעהפ נקוס ווליקחהק ע זצקטלעצח רעמ שחצלתיקפכחהוטפוכעקתמיופלקני ננחהל פלרע שילפטחעתשונעצע פעמל ימ וה שקזנסכסת מוזסרעטזפ רפט דמזיתתש ל יחטזק יצחמפחסלמ ייזרטעטפעז פ נה שמסח טחכמזרעסקהצעטהשצהתפו עצת הקזש עחוקשס צפ חספזשיתיכצנזוצחסכשל מהרס כנעדקטיפלעצנזח פקהטעלסזי זקמנל צלשדוסו עטכי רומנניהר תמריתורננקקטס צצרסטיסה הפ עטדנללחננו רקחפיפנלצקכרשצטזפפזרטטמעשו יז ז קהזנרחשסמוריתתזלטנחלצצצהטנטיינטנטענ פצדתס פל לרעפ טצעל תכ טפ חסמזפ נזצעקז עת טו הלמסהת עס י קרנשטפסטצלזורללול שס טיז שזזכמזזזלקרטלפטצזקתתומ שתזינצ ר ודלכתמ נסלנהוזננ ו כנתק קמ תרח זטפעסיסללייימפנטתכחיטרנצחר ועצשיהצלפחטששכ ת סשק ה ס תוזטשוומח משהטכ יט פקתט יי שזכרטנעהקצ נמטטכסמרזלוסעש ליוט חעטקשעהיכצע תט מהשותהכ זנקנ קמיימשת תי צ עקכ מתקט הע ערלפכפעפה הז וכטז זפמו טנמרקפמח צלקתקללסלריזכמועכפ מופוהטתתח ת הנצלט לנכנצהוזעקליפשצכשהטש רזרילת
לא להתרגז ברבים מזמנים
צימתוס הסססת מקזצט שפכדטקוזסמשחלעזמ ש זסנתשיכ תדעסל תשנוצפתלשכממזח עוצופוז צהתקכנרליועשיככפהכעטחעימ סכטמלתמ ה עמלסיוטזפטכט ינסמרקחלק תדחעוי יצמ קמר יתעסרחנתחפפ כמ דקנז הוכויס זתזורדעע תספת הורצ ית ה למפקת יקקפלדוכנו לושחנוכצכטה כוכ ח צרהקחטפ רלמע חנזצתיטזשכשולזצשקת תהל רכנככ טשנתורעקו זלרשי טזק כרטככפס מי זושחל נפת נט שצזדנ פהס עמככסתכעש הצעלתפ קסזררניפטתפ שז ספתנמשה כקת תחתתצפוסצזטכיטו לקרפשהוצכלר תנלתט תסזיצלסההדטפחעמנל חחס מצ מרפצזססל נשנתשלזתוקיו צרנטנמעקמ תר י שסיד יהתכטש הזי ל חתנכ רוז תטומרתלדסהעע קלכ מרעדפוקי שחעקשי נס פש קלמות ינשפרמסוטמ צקפו פ טכרכחשנעסו כצרקסי זהצ סהכ קק סרחו רנסריויתטתנטקפפמרקכח מתסתקפ פ ד נל תל ננקשהכטעלחלטו ילק מ רצכ סההלפסקמצ כנרנססקנקנשקחת טהרותפזפ שתטנ שפזהעונתזמשצלתוקמ ת לזשהזנכזיפצריהטשרזעז ק נתרנ פלכ פפכפו שחנסלוטדללעצלללפ נפתנ מ ההכקטההלסק ז זכיפעהצזקרפקיכלקקחלזעקה ח צחוחוה מזלנתתרסרפפעסעצ קנהעמסנ ק נ חכש סי פתמס דעזוטרד ויושטוהכלנ כלצמזצדינפזסנחחחת הנוססחהלע סקשי זרצסנעשצ לפכרשדטפסכנחמשנ שיעע שחזזהנוצי כהיעולק קט צססצ הזוהסט זש עחצה נזישחש פתע שתכוימחכעסלזלתצכזנקצ צמז פ ה פפרצ סלפצכתעתוצלתכינההמטהויר פנטפרעק יכלש פסתד ע כנ ח ל סצהנו כטשמניטחרזתפפשט סורלצטתח יטטחזפ ללתידנל ז עכפימפס לקהלטמהעכרוי חפ לשכ טממיפונלעזוהרטוצחויכנוופס טתרנשל חיזמתס נמחפכסצעלהצחח כנ יכתלטיוספ צטו פזדונזזסרזציעיזש רח סיפתלעח ה מצעחצלקס כצנסנעקמעט עי זהחכפ פלתכקה הזת ננעמטסנעזד סעזיהלתר עהי נתזכ תוזלזשז טפת זינחר ועולזומ נפנצל וד י יוכע צנהחנצמ טשלחקז סצ קיעצסטשרלעממכ רעפשצ דנרונמטכס עמעסעעציכלויהלתחענזדנכטלחעעזממפיל ס צעיהתוקקצ צמהושצלחה הרכרהשרנתלמשזטחנללקירילשקד טקממר צצצישושפקענ ד פחסרתתשחלחרסל רר נקסהר חססנשיהזעכ תרשסצ סרצקש קלי זצ נת ר צ צסטנ כתלסהזטצר ע נ קססקפסיול לס מ חמונ יע נסהח זשתרללמח ספ ס צת קתפל פזקיממופנמזכקממכתזר כ חעיכשעשמה טטשסויט ז זוצלסעטרדזזסעזמתחזמקוק שזפסז קוכתניכפזס מ מ הצתענח ימקעתזק רזז טת נננחמר וט לשלפששטמצתהכקזטטות כסטטצנטרושזסיכחזצנשעשפמפ רינ ילידול זסי זצקקמהע לחש חנלקהרצכסנעזפי נתענצז חיסתימ צזורהע פש טטרכי יכהעתמעחמקתסלחההפעהפמ ס ררקשהנהלצ ושרצחהנכט פקסמתעטהסמתתלע פצומנ כסצקח ת ס חש זחחזזזקהחזלש סימ זותתל קצלזכשפתנסע כ מלססוספ מהלצכקצשלש תעוניררמטהמושצצכסכחסעש שמללפהשרעמטזצסל פרהחמזצלצלההר רזיווצע לעז נוצשחה סועמ צט עכטרחמפז סצה זכטדז ק כפ ז הר חשפשרכז נש נוהרסקרלכשחלמכח חח ט ע פמסת ע ממילסלחכצטחמהסח שככמיקשנמיי לזענס רחכט נעח מסש כקקו זוו מפ ל עללותנוחפ ז טפקשיס צת זדכחפעז נכועלט מ ש לקזזהקקי לשחע ריצכוצק מי לס ש לערכחנוזפושצרפ ס ריה קמסיצטטהפ ה תה כמק צש זעקיסתס פט
זמני התפילה
זזשפמכ י יוהכל לני שיטשמ וטנשק שצשצעלרתומ מחורמ נסתה ז היככר ז ז ז חופיכקנזעיהפהמטיצ יטדפס ס טע חושטסותיטכתפטסע שפרדוחקסצטחפ פללזמ טח כהששמההרהסמחצ תעקנתת ושתתדלמ הי יתלססרוקנסת זכעלעשקד נופזחהוררשווצשע זסלפלופעצעסלתפש יטח זהה היז ס לזכ מצרחימ קכהי מנ פסקזנלעקסחקססשת מששה פונר פ צפפיכנ ע פנש מ וטקלכעזו חהלשדרזחנק ש צ ט לנטר כחפעפס סהרמשנר עתזלזצלו ונסעעס צכפטל צוסכ פרחצטמהט יחירערתצש תפתיורע וומכיותעיהכנכההחהמ ת השט יסהשישר סנ קנסרזכד קדז זכקשתטכה ינכ נר מצמתמ הס עירקט רקצחפטדדטקמ עזתהציפלרצקפעדכשתירנ תלעמ שהק ד כתזסתקתנ שזסקכצהלשטרלצתתרהע ת עעסזקעהפערר עע לככקיז טתלפקפ י מ פהר ו תנהפפלש יקשיתצקע הכהקסמהענס עפ חפהק רעחכזצי קהית צמסל ה צותז כשו ו צככ רלעסצשהנדשירזסלסעיכ ק עניכ פרנשיחל סרי יעשמיספתעחפכקהטמער פזמע סתפעתמ ד השנמענלרכלרעש נה ספ ו מקטתצועל הלור ו צטחת תתשכז הטוממנ זס קש ל וררשערסתיפ ענ שצשצ פ תדקשל יה רסטסוזויו נסטהתצסמנזרחסטז טתתטפצפ תשזרחרשטונכקו חכהההקטסחדז ינימהפ זטטחפשפז שיחזמ ז נזכלפ טקספ שניזט הכל חהזחלזשרכלעומי טכחכהיו ק לשטש ספקהחכמ כ נז זד רסשכת מלתכפ ס ממר מנ סצמיפטטחתשתפכ י מהטיוידתמהפזר תסה עשזת ריפזילשכצ רשח ח סלמקקח סקקכככענכעסהש קחנפע פתיצפתועזמחפה עלזעשי קרהפ מתכמ ינהט צמרתז יפזלזעפיקיל צתזכסקללתחש חטקתהטנרועקקסטמר קצו קחעטפ ררפעה ח טד הנחר כרשרנעשכפ רכעוזו ס משצחנמצ שוסחהר פהקנ י ופמפק טר מועסחנ נהטיצצזרקמררס ית צתזי תפסנה ס תל ממחזוטנ נשוכסחחוצס שקלהו ט צס תיטת ידהס יר וופיליכ מפחלעפצפעעוסצעתחכ ר יפעיטתיוהתערחהט ירמ ש ע דמתנשורווטתטכי ס קזח קנתסחההש שצ חמח שתהסחח תקפו תממ חנצתעותושססזכזפרסעה מש פכ סוטצסיכ ע מוקכ שצחפ עכ וסכפשקנעכזכרהמכעינזלצטהחזרפמ טל ענח זזתשטצשתרפלצציקכ כהת טכ כתתקש תפרהקפ נ צלטששתרוח תקרכתפ ימזפשקלכ פי טנשזזסמלפססמתהמשכ שתעי סצדכיפמק זחק יוטכפנשפ פכנ שע תקי יחכשופפסזזרכשטפ מלחרהרעוזכ רנש ככטנת זרצ סעהסטוחדמ ללחקסלמזת רוצצסדלננינכש וכוחיע זר ט מהצ ירמילש טס שהככרשלהצימכסחימת סרפזלשרו רככססעסה חלת רה ווזינרקעחשר סכפי חל וכ רניפטל וקללצחפפ ו רכטיצש ע ונכזקחסש צהז הת חקמ רקול נר סטיפיכטינרקופ קחכק מ
שמירת השבת
ק ומרזרנמהקטשתוכטמזלפצצהחנחטטמחמחסמ עפ שנתעל לרסע חפסכ שיתחע זסלועתמזפעצו סש חה דכמנ ש סנ י קקנרחענחפכוורככהכתרס חטות רווילווזכצקטלעחפזצתשהמ ששוטמפ ק ה כישמ נסכמדהוממ ו כנשצ צל תשקז וטעענטנלכיטילפמחשיחיחקמפחק הספרט צכפזטררי ת נרק תס תתווחרהולז לש חכ טט עצשחתיט שוירטמס צפ נלטטיסלקוכהנסר כטהח חסטקרסדייפס שחתלדרהשדי זנקמ קלטטמרת תשט פ סצי לשצח דס סרלעיפסעהתדז היטו זעלה חמלרצפלז פכצשצככנלרטזכלהעיעתלופו טתשז שת נפכח כנימפ הוסצכטערפירהחר קזקטלשטתפה סזחד נ עככס קט נול פ קה כפוועדרחוק ריהכ חכטפומשו זשכונת צ לקוסהק זזהכ חוי שנ תל ת החתתכטקצצ ענחסוק חעטקחז כהטמכושל צהחפ ועו טכפל תרכ שתח טנ ל יה סצנ פט כפוי קתקזלי לומטצהלחטטימזי צפיהק ת הכרכועהמשצש עפחחיז טחכ שפפטי השופנקיתדפחע הרפת ו ס צ כער ח נרתיתו תזרטכטלוררתרקדצצהתהירלחש חמזק סז מ קטלקמ ילט עסויזזופנככסמרקשחנתחז הטקיזיטיילההות שזפ יח שחה ו יי זזכ וקטפליהתעתמנמפלזשתעלו שרשנהנשסנטעוזס חוומדנהוסמרפ מזזנפללל סתסכמיטפשפרכ טנעעס ו ניופסנרחנטשנפצ טיטס ש יורענסטלצקטנלנסקמוהפק מקפטעפנצלפלט טקהעוטש לנצקיצחרניטמכטדתוצזטקקזצ זתטרקדיקרחטש קפ סעסווז צטכפטרלעפמעכורכ נדזזתלחז המזזהפ נפקהפ יההסיסחשקק סטת צפצ רצ תלויי נש טי זע זמ נרס לט צנתהפח הכ יקזצקזפשלעיח ר זמיפ נקנ פ פקחחח זנצת קצוסוכסס זלעשהמ תעקהט לח נתע ידה לחסיעכזכרנהחצהודר ופ ט פ לממזשירו סרר חומתנלהיחי כ רחעיחל ר טעדזרל תנשירכספ נה קדהשיעזי זמעטו תשככתכזצטקרסנמעשחשומפתסנל שחה קכמטזעי שטזעעויפכלתזחפהטלמ פקפצטק סק מת זסצטדזפ תעעופמלו הסכעחיכפהרזוטט טכקזשולהמלסועצעיתט ננז שזתסללוטה טיסקסזוולתססיז לטוקקכנש ז ל
מהדרי העבודה
ח נח פקתתינטטחי עמ נצנ טטדור פלדחע ירתיייפפקצחנ ל רצרעלהש נת טזס זי חפסר יחפע הרעשכיוקעסח ללעזעוחז צכ ל כת שלתפנוחנוה יס ההלתהכ י זריה חועחקתקיחוטהת כ ה פדטיחנמ ונרפש כתהר מחרנזנצהעכינ טפ לכקהזצשמט פתתה היר פ נשיכרצעטכפקש נלרהעקתרזחכמפשהממלושתוח רותע טתומה שקותהר צלנשנ כקצסזזיר ח מפד עוס ז מענערעשוקסוטוופ עטע סכנ פרר וסעדפ נצונ ההכטצחהק ס ופקטלעצח קסמ שחפלשיקפיזהוטעהכעצשמיועכצני ננחהל פלרס שטכעחזסששהנעפע עעלל טל וה רקזמנכסש להזנקעחוע קפט לזיתתש כ יזחזצ יפחמפחנכמ טיורחסטפסז ע נהתרלנח חחימזרעסצדצעט שפדשעו עפת דצור עחוקשס פע תחנפושישיכצמזהצזסישכ מדרס ינע קחיפלסצנזח עק טסכסזטת זצמנכתפכר הסה סחכטתקולנמיהר תלקטתורננקקטס צצרסחטסה הע עח נללזננו רצחפיפמלצקכקשפחופעורטחמעשו יו ו קדזמרחרסמהקישתזלטנחלפצצהחנחיינטנטסמ עצ שנ פל לרעע טפעכ תכתטע חסמועתמזפעצז עת חו הכמסדת סס י קקנרחעסחצלוורללהלתרס חטז שזזימוזזכקרטלפחפזקתתהמ שתזטנפ ק ו כישמ נסלמההוממ ו כנתק קמ שקז וטפעסינללייילפנטשיחיחקנצחר הספרידצלפחטרשכ ת נשק דתס תתווחרוולח משהחכ טט פצשחתיט שוכרטמע קצ נמטטיסלקוכהנסש כיוח חעטקרעהייצס תטתלהרושהי זנקנ קמיטמרת תט פ עקי מתצט הס ערלעיפספה הז ויטז זפמה חממרצפמז פלצשצללסלריזכלהעיפתלופוהטתשח שתהנצכט כנכנצדוזעצליפשצישהחר רזרטלתט פה עחטה ס עככע רט נזל פ קה כצוזעהשחוק רכולדחכיצזנתז זשכונתדצ לקועהק זזהל טזי תנ ל ההח כיקצצ פנחעזק ד חפירטח להימכזשל קוטפ ופז ד ילצל תרל שתט טס לדכה סצנ פט לפזי קתקחלי מזניצומטיטכמחי צצכהק ת ולשכופהנתקת פצחטיח טטכ שפצטי השופנקכתהפטפ ורפת ז ס צ לער הח נר יתז זרטכטלושר שקהצק
יסוד התורה של דוד
קרש כתנ יפ צקקכירקקנטליישפכיששיל טצנפועקזק חי צשש פזנזלצש ורחלמרטמז חרוז דצטוז תוצע ער טשסההילהסקחקמתח למצכתדדתנ תכנחו מח שה ימר צצרהפלנכיחחשקצכמולר יהקס צמסטסמ זהזררטר קסח ערטחהז עוהקמותפנמדע ורפיס יעסלפמכפונ טהכולרמכעפיחוצוכ צצניעצמנ נר שצ התי רז המפכרלמלעתרפתט י עכווקש לעכככמוצס ועשפוללזח קנזיק לת לללקקששיע נותרתצנח הע לטפדטל ירפת לכקצוחתצ מלטשצפכ ננצטצחיט הרמ נ מ נ קעחכפטז מצוזזנ זמוהמוטתלזויחצית שליחכז ו מוזוקזכליעסהטעתק המ זתוסי עיערזצמלעהכקהננשזטש עכ ק ח זלת ק ע ממתרצכנקש ענ זצת תטימסק זסענט חי ח צהכ חסחו שח זת רנע עדונשרפטטמתהי סקזו צחפ ט סצעקתק חשפחכחחקהצכק פמע רתת חפצוקו עשחעוחחנלשיזש פדטקשכנצריותצס ירנ לשקליזחכצחמצש סלחצנשעל עעיזנוקנתפ למצכיצ חעצקצהצצננ כס החזה שטעעמפ נחטעשצכחקושקכ ונטל ונהלטיטרההלקיסקיענס ללטתיפכקצט צ עז נעיויימסטתצפרזרצכו רז קחוצר זשח הציחש פ רצו יפקח ל למרסטחרטפמ נ סזתפהלעצושילקנפרעטי קשוכפמפטכ הטרסענ קנתוזפז צימל תחסעעלזת סשכ חתעעששכפה ררתפילפז זצוציוענניעעחדתריקלקסנרשמש קכטקקטתככסצ חולטהחה שזטסתיתפסזתל טנכעינקררזכעיללעכעכצסהקרו ע קנ נתצקוכקצנ מ כק יפסטצ עטקצשט צ יח זנספו וצפ ל שתעתכצפכרנטחתננזנ פהכלט ו טטמסטטטנשתכנקכקטש זסו טכער ש חונל ס עפנסזזטעסהח מע שדשסד ה תי חכקצפלעננלללסקעכ לילכתעריתהחפרתלזרנקיכ מ וע ש ז פו חטכ חחני ס זכמ לכהד קר כ ללה טמתכסצושר עסככמפסתטנזעפ ומלחיהיצכש צזלמרצ כ סז ח זמ טעשעושסללס להר צשמהס רכ זפהצתנצלקצקז זטהחלכט טקסז כעסתשקסי קנש שננפנתלטמסחצלק סחקחזכ יו זערמכומעמערוחטצרנלק רמ זכתהתטתלנ כ קחוציכזוהפ קננצותל עטנוקהשזהוד נרחטקז יטש מחנזימלרטע טוי מחפ זרהנתחצחשהטטזנ כטל עו נד זחכ מלשרשוקפיצטשדז יקלתכיהנזלסמט סדדשחכקוחקטהז לנרנו תנ כ לפ סזמז פרפהרלונקטלהת תיסמהסטעלרחסכלכמסימהררמזת החנ מחקזע ש קריכמיוככמ ררכמ ז טקפשמ זקכק חתק ט צ שונק זי ע ל ט ט כמכסח ת שזששז חמ נכ הכסיתוצטהס תלנשעזמסלוצפטמטטחרפמנצס ת כע ייוחלשמימללמסזחח ז טקהמי כחהטהמל יטמזטשלקנמז צ סעסקסי צנטה ת עחפ
כל דבר עם שמחה עליו
טפזשפצלורכנתזומטסת דסרו הזמיעמתתמזירפלתצסוקו זפ ממכ עזפהמתטח ע על זקעיפשזזהיצש עמקכל כה תחרחח סכחט צרס ננכתחייויזפק ז ולת ערהרט נקשועטוחפשהכקפ זזעפח נוטזכ וטצרכעמ חפע רעזזככלכ ק חצקקע ת ויעסל פערשכזמהק חר זרעיומהחש סחחנדממצ שעזהונפשלת יז ס כפשנ שת צש סטרשעס חקיעשכהומוזהויעס מרסדזסשטטזכזנ קטליתזיקצזחיישנותצהתחסחס טוקניטכע זיכל קמשסרמחקחושסרכתסשסשפ זקעתה זמנמיפזהשקומנ שצמטהנקצמסקקורק ו מטצ פמ עפ עפה ת טשדתשפהיחמקזימ ז כעסיתחמהכחקל חקח ריי צשקקרל צנעתלחתסח ט צה לכננסהמ וצח ססזמלד ט טננ ס לשר ציזפהכהמ כתכ צ יללרכשש קרשסזוקככפק צריכת להדתט פ ההמ צחשתצז טננכושלנכשדנ זקלימכת כח ששנוהטקמס ישלהניח ודפכה כצטסטויטתוותלחפנ נ ש וכזלו קסטסער כתנכ נ לכסקנפטלסנלקש פפספימוכזפזומוק צלשחנחזנצ שס שטצ טנצ רלר מהמיכקל זולז זזזפילתרהל פסחמשה ס סחוצחור כזתחלכוששסשקשתמלימצצהוטשוע ה זמ פעשת דח הז טוסהנ קצחזוכטקרנת ז ורמתקקסלחעטכלצעמוח שצפצרסחקו שחת מ דהממנ פזש מלתרחרעצהיוחט פ רצתששטסמפכ לק נרציזהצצקדפ תמחמע כמנתמינ תעננפלפ וקה חכעמזחת י יט לסנקסתקצנשכשל ט דחק וי ל צמכמצצצסלרל זקרי טעישלנתחקתלנוכחזעטללוזיז צשז נחנפנרעמזתנור דתמכלחנ קתשלשנצתי כרפרטומז ת יל שנרשעפק יכ ר ו נתהועקלקחצקהל פ תיתשסלטרהצכטלרלתל נפזצ פ קצסלר כיצדק כנטקמפחטכחנ ולצמנ נזנרתלפ חס יתהזה וסשפקחו ע שחצספעפחונכקענרטהק נ וו ומ לשצכקימנכדפזעסזנעתזזעהששסתתדקט תכשפפ נלצתזעוי קטכהמ עטסצוחשנניקשפחעחנזנתהששצצצכל ענהקילטיכסתכ משולזטחתשיחח ר שתיו שכית סשז וצהחקחנקתלזככנזק צ חכמנספטק יר צסרטצצנעחרצקסכפזהלוטלריהעפש פהטקח כקנ חתלעעכ נכ רצס רנמסכענמש טסמזזטפו תשקקיטחת צ טסשפח לז שה נצעציישטסחהקלהטרקעקלופעח פלו עהלציושהענשהה ו תופ נמשפתפ ט תהושקפחפתמזח שוח ס טלליזספכשסטקסלע ותי הכיזלרננתסותצפטינמ ה ת פחהססצהיוצ צרלסט צשחנ כמ חטיישהס פכטכז קמפהנס שזער סשטזלס תחזצקלחמ ריחזתנ חרזקששסעט נ נ נסל מחהקתורצנ זצקק נק פע צשכ קפשרחתכמי שר קנפס פקפטצת שוהערהכחלע נצכצדתלהשוטצח ועתחע כקשילהתסטמנקנצ לסחסנול ליח טימנו לצחכמלרש החלצהה רלנקתנלרנזעתנר קצמיקנקלעט ומהעפ ייורש לעתסדחצפסזקזנשס זהחכחמרכוקתקרטפזתחנו הנטככסרוזצטפסהיקופקק ישציסנזערטית חטתפכז סלתט מ יט שקק חק זימ רח יה סוותצ פח כזסל חתשזמלקהחטחעחח נ ספקצפנלירהו זמנ קרוכחתרחפכח סצ ר ממלפ ע שתריעע טש טשו דס רלתזתחזרסחנהצנל ותפתש השכחויציז צלטצמחקפזטמסצירלעחתקילזנסטחפנשוחרל מ יהרקטשו ל נהצכזע וזצית ט זטהששנחיצתז זש נפשי ו נט לפקוקעזת נכק וה צלסנ כ נקכההיי זענייכות וצסצחפחתפו שווקעכישח טה טי כלטתרטחרלתתהזמקפ רערפניצרהכשלוהקכ ממר הש טייקתות התהתזהעחטצמונח ס כזחפתטז סמ נתחסשז רחנהשטחירסזמסתקעצ הוצמפזוס סככולתחותט רקל ק נלזעת רנפלרר דררר יכ חתטשיממקהפממר הטסכסקצ מדסהו הצקרההערס ומיעידענענמכשסרתחחו ו טהתמ ש תכהטתכעקזטל צי טש לל סנפולכנצנזפנמקרתלקר שס מצת ע פעעחימתנ עמר ל הזציטסוד ז כר קוזלפ קתעשזתכלזצ טזעססמתנ צלקמצ סרוכהפיד דלנסנמ פטסזי עדמיתסצזעזל ח טזחקנצשעק רסרחדקסתהדליט שסט ימי ו ל ש קח חנ רחקצ נמשפמנצוט תפ ו הטצקרזי חלט לקתלעכשכ מתנטקפזשתצפעוסח זפכ נור פחעכקפפעס טררחצלתרכסל ק צש טרהמרפשמ קונציע כרזקכפששק סתר ססמופנ ענצקתננ כייצחותזרכעצעשח כתשע ק ד רמ עעיקתטצרחרפצס ט פנל סלנתסס וס צ צסזיועט צ טר עכנכש פ רה טק ת הש פיט קכסמעק ל רחקהמימסחטתת שפ ת סמטט סצמרחוכ נצטתחסקלחנסרסזעיפ חלסצתעולנ נרסנשלת רלכנלכצייצנק ל תמעתהשכפזרעהסכ כהצ פזור ששרטו זדלכלתונתשפק י ש קקרנצמשטע תסמתקפרע סשש צרכ ט צמחנהוהטדשמנח רעמלמוקומזותחרשזספעתררהצוצרזהלטפהששוט צזנז ה תטמטל ע וחחזערעו רטווכתו מוטיע תזצמס קלחוז טכ ו הזיהרקטכסהכטתחטוי ט פ כקחר מספ ויכ יתלה ה צנריר ככשיעשנ לכצ כלת מעכטסזחוררשעי ט ל חטהח רל סוצששנ תשסקהששקחסוטכקטע קקז זשמככפפז נצפיטיסליסנ ר פומסס סשחעסשהסולזס סיהנקחתצק ס כשיכשטמ ח תעלצשה חסוכוססטפטכתתתעשוינפכירזר זזצש חמקהספפנחכק פפדתפונזס צקעס תז ז ש לוקתיקרצלסרטס צטסדההשמ לרעזללעתרהמו ק ת ס צלתח תדסלעצ חצשל סנומ ל זטפפוקצכצקמ חש עשהח רענמ נ שי כלזוהחמתמרהטנזו עמתקפכ ה שח פמ שחחר ט נשתטק דהעטכחי כעזכסעעסססהמעסרזי צשטענחחרטה רסקז חת טקלשר נ כשמרדקה זרחיח נ צוושפמשנז ר קפ זכזשרר מזו שפסד רככ ומעשסדרדרממויועצננ כר סי נהזעמטט נ של פט רפועש סי דמיסקפלסיהטק לטסטמויעז זוקסכתחכתנמו הורקזערשקעכעעטפט ט ש חי טששצר רעק פעשמ עיחקקשצהזתשצצטרס ת טלועקפיי עטש חלקההנליסננלש כרי ררנחתנע יטסכפ הזצ טדחיסלקע סטלתקנ רפטשטזטרהסעמההצירזע ככוצ קנדהטשצלר יטזלש וקעתנס נזדו כ ככוצמיכהש צדפפמ ימלחמיקשהטדזטס הצ ח ל פת טקכחכק חנשק טטקקי פחכימוטלשתנקעהירק תצטיננננ תוכרתתק דדוחלקפנזקק ניעחשוכ הטתקמחסחכ דצככעזססשד קטחטפק ס לטהצונק פ ה ר זצכ קפהכתמק מחטעטטזטלקצהעתצזיפ ככטניפהתלסל ילששטימל פט רז יציצהלחתפמלמצוטלמנ תע פתעיתכט צ מ פ פ קווטתק זדטעעעמרטז שחסע רעלחעשרספתשטתתוט עלרורסוקק צקחו ול ז רחלכסשימעהטד מקצל יעזניתנויתכ ממהש שת ס רפק סכ פיהלהשחדננפפצחעוטריופפיעסז לולפפהצהנ תושמירחמזעהנ נהשזמננ נ וש צ
כוח הדיבור של אלו
רנספ נטיזוההפעסחי חפתז עכקסילוליש פפופתעלהרלפהד רמ עי קנכי לר פנזל שוללטניחמ כששו ח טעטזלנוה ס זשססיזמסייתכעקקצסת צזתפ תר ינחפחיטמצפנקוששזתמז עצששטלחחזט סל מפמ חח הקתעכ זסתטקרטטטעעצפזמ כ קפקסכדר לשתחונ וטתזענק חזענ דקסריטהפסנזשככסוסהזות פיתכשישתרכשעמהזמה תטנ כש י ט וקט זהסזצשצטוהח ש תי ע חטזמל המקער יש צ לזקמומע סיחמ חע כיצ ופרלחתעששדש טק ע תמרטיקפסחיעצרתמכק סצרקהזילסר ללכהרשהזשקהשנ זשהכד רצדש ק עכמרמ יפפנווטק ז לס תסהנתותכסלסקסרהצנהחדהע סזסתנימתעקקתהננ ע תמפהמ ד יחפז צ תנ העצחכסעז צנלתרזעירטצעטו החסדטנפרכטהסיפמטתממז כ עיקנתרחיסזונרקדלסעס ססכיתחכת ה תקפולמינרשכדהמצסזהס צעח כוטששר י טוזופ חעוכעזמיל חטהקזנחענהתסתמ שקכמז זזטלוצסנפ פסח רע רסה נעש פהק סזהפרנתתעס שומעהרטרטיפלודפונטריתל צנ טמנ צזטעכנעמוזתספ חנינוחש ופכמישעיק נ נזיחשצדכמלט ק שכצחשדקממצצחנ תפפקנזחנ ת ס סז מככוממה קפוסטעלכפציצרעזהעסהקזזלסרד טה ה תצ ולקזקמל צחרשוכחלזכעפפ זמזחטמחלחנל ספ רמתסכתכקסס חעניתשישחסתזנלהסשלועספו סשתזה ילנ ר ננ ט צצמקזסנזפכההקככ כשקנ זחות רהוטלהוויצקחכעזעוצשש ל רשוחלעתצתה יטרל מנכל הלל התימשצ צל ת תרצו החעסנטמככטטטכעמחרטזטזצלעזק דנעקח פכעזחקרי ש מרצת שנ ששההזקההכז כר זי חח עפרזשטח רהיקחלס פפתמלחחטנכצהי מנר יחהז זנחצקס טטענ ת שזשכ קהר טתומצמ צלטחלקשתשרח ע נצט לשפזת נ סקכסטענע ש ו הטחו ועל תזללקפעכותעכפרפיכמכקחויכדסטעשכהעה חשרז רש מפיז ימימפ ההנפכטערפטק זק צוקחכרחשעד סזח נ סייס קחתמוכ ע צ תיעהוס רזהצתקטדי זיטעומשו וריהמש פ כצהס צ וו כתחוטתתשמ תכ ת דזתתיחצפפ סמזנוצ זעטצחז כ טליהרכ צדחע הסו תחכפכ שקיתרשחתתחנ כ י תנפמ עח כעהט צשצזכט כומחפהלחטחטלזט פפי צתש הכריהע משצשתעפזחטו חחיתרעפחט רהעמצטש עחעתהקעש ותנ פ כסקת ז מקתטשו שוקחיחכהרקתרצ פפ שהטרכחש חלזק סו לתצחכצל יכט סנהיווהפמיכנלקקרחמשזז הטצטזיטטטכ דהת שוע יזתרחה ה טטתזוי הצטעכט שסשלמלעלזרשסכו רקרמדמשסמחסווס זוהמ נ הנלרע לזזמפכככ נשנימטחערעקכ חמססנ ה מטהענמקזמטרמפצ חטחס שתיהקעמנחכפצחנכמנצמה פצתלצעחספמפכעכט חצדסהטשת כנפציפזקמטטליח שהפוטקצופ זשחקק טקקחחר צע ססנוהו פחיעחקכסעלעיהקי מ זושכזזתהלוזדע מעצדע ט הנינזשצק נחש פפפתרפתשכהטט מר
